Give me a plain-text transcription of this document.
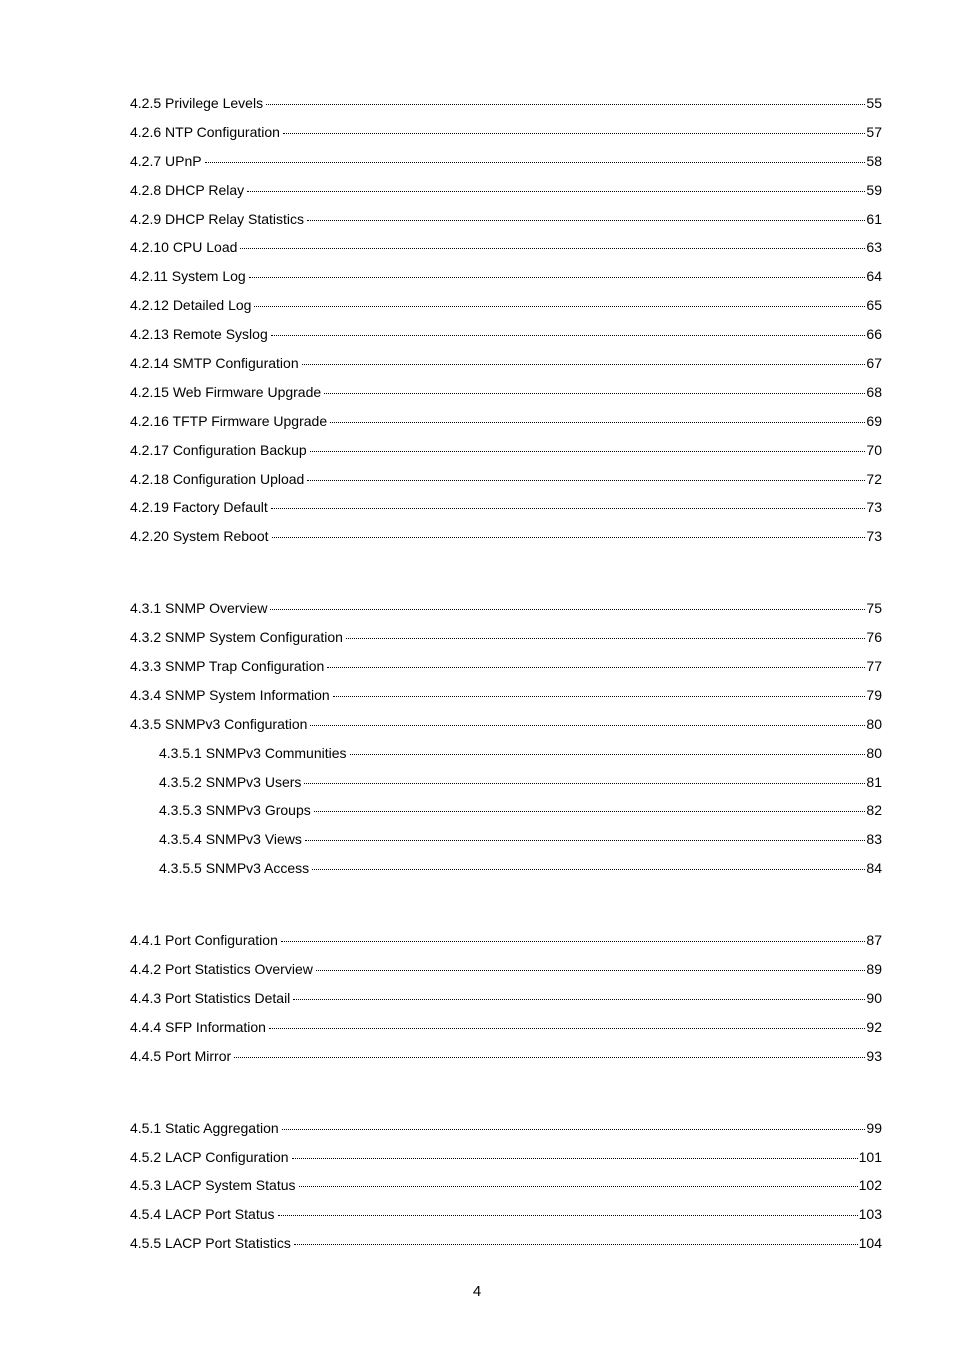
4.2.5 Privilege Levels	55
4.2.6 NTP Configuration	57
4.2.7 UPnP	58
4.2.8 DHCP Relay	59
4.2.9 DHCP Relay Statistics	61
4.2.10 CPU Load	63
4.2.11 System Log	64
4.2.12 Detailed Log	65
4.2.13 Remote Syslog	66
4.2.14 SMTP Configuration	67
4.2.15 Web Firmware Upgrade	68
4.2.16 TFTP Firmware Upgrade	69
4.2.17 Configuration Backup	70
4.2.18 Configuration Upload	72
4.2.19 Factory Default	73
4.2.20 System Reboot	73
4.3.1 SNMP Overview	75
4.3.2 SNMP System Configuration	76
4.3.3 SNMP Trap Configuration	77
4.3.4 SNMP System Information	79
4.3.5 SNMPv3 Configuration	80
4.3.5.1 SNMPv3 Communities	80
4.3.5.2 SNMPv3 Users	81
4.3.5.3 SNMPv3 Groups	82
4.3.5.4 SNMPv3 Views	83
4.3.5.5 SNMPv3 Access	84
4.4.1 Port Configuration	87
4.4.2 Port Statistics Overview	89
4.4.3 Port Statistics Detail	90
4.4.4 SFP Information	92
4.4.5 Port Mirror	93
4.5.1 Static Aggregation	99
4.5.2 LACP Configuration	101
4.5.3 LACP System Status	102
4.5.4 LACP Port Status	103
4.5.5 LACP Port Statistics	104
4
